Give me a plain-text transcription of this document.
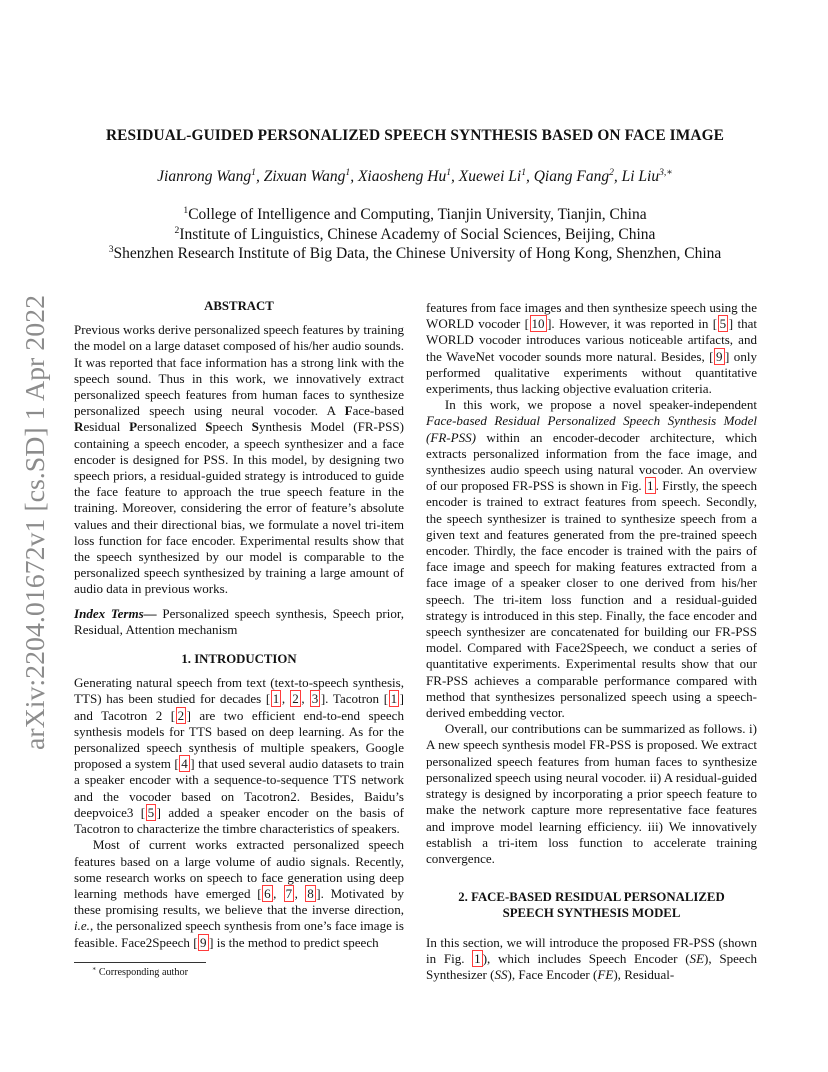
arXiv:2204.01672v1 [cs.SD] 1 Apr 2022
RESIDUAL-GUIDED PERSONALIZED SPEECH SYNTHESIS BASED ON FACE IMAGE
Jianrong Wang$^1$, Zixuan Wang$^1$, Xiaosheng Hu$^1$, Xuewei Li$^1$, Qiang Fang$^2$, Li Liu$^{3,∗}$
$^1$College of Intelligence and Computing, Tianjin University, Tianjin, China
$^2$Institute of Linguistics, Chinese Academy of Social Sciences, Beijing, China
$^3$Shenzhen Research Institute of Big Data, the Chinese University of Hong Kong, Shenzhen, China
ABSTRACT

Previous works derive personalized speech features by training the model on a large dataset composed of his/her audio sounds. It was reported that face information has a strong link with the speech sound. Thus in this work, we innovatively extract personalized speech features from human faces to synthesize personalized speech using neural vocoder. A Face-based Residual Personalized Speech Synthesis Model (FR-PSS) containing a speech encoder, a speech synthesizer and a face encoder is designed for PSS. In this model, by designing two speech priors, a residual-guided strategy is introduced to guide the face feature to approach the true speech feature in the training. Moreover, considering the error of feature’s absolute values and their directional bias, we formulate a novel tri-item loss function for face encoder. Experimental results show that the speech synthesized by our model is comparable to the personalized speech synthesized by training a large amount of audio data in previous works.

Index Terms— Personalized speech synthesis, Speech prior, Residual, Attention mechanism

1. INTRODUCTION

Generating natural speech from text (text-to-speech synthesis, TTS) has been studied for decades [ 1 , 2 , 3 ]. Tacotron [ 1 ] and Tacotron 2 [ 2 ] are two efficient end-to-end speech synthesis models for TTS based on deep learning. As for the personalized speech synthesis of multiple speakers, Google proposed a system [ 4 ] that used several audio datasets to train a speaker encoder with a sequence-to-sequence TTS network and the vocoder based on Tacotron2. Besides, Baidu’s deepvoice3 [ 5 ] added a speaker encoder on the basis of Tacotron to characterize the timbre characteristics of speakers.

Most of current works extracted personalized speech features based on a large volume of audio signals. Recently, some research works on speech to face generation using deep learning methods have emerged [ 6 , 7 , 8 ]. Motivated by these promising results, we believe that the inverse direction, i.e., the personalized speech synthesis from one’s face image is feasible. Face2Speech [ 9 ] is the method to predict speech

features from face images and then synthesize speech using the WORLD vocoder [ 10 ]. However, it was reported in [ 5 ] that WORLD vocoder introduces various noticeable artifacts, and the WaveNet vocoder sounds more natural. Besides, [ 9 ] only performed qualitative experiments without quantitative experiments, thus lacking objective evaluation criteria.

In this work, we propose a novel speaker-independent Face-based Residual Personalized Speech Synthesis Model (FR-PSS) within an encoder-decoder architecture, which extracts personalized information from the face image, and synthesizes audio speech using natural vocoder. An overview of our proposed FR-PSS is shown in Fig. 1 . Firstly, the speech encoder is trained to extract features from speech. Secondly, the speech synthesizer is trained to synthesize speech from a given text and features generated from the pre-trained speech encoder. Thirdly, the face encoder is trained with the pairs of face image and speech for making features extracted from a face image of a speaker closer to one derived from his/her speech. The tri-item loss function and a residual-guided strategy is introduced in this step. Finally, the face encoder and speech synthesizer are concatenated for building our FR-PSS model. Compared with Face2Speech, we conduct a series of quantitative experiments. Experimental results show that our FR-PSS achieves a comparable performance compared with method that synthesizes personalized speech using a speech-derived embedding vector.

Overall, our contributions can be summarized as follows. i) A new speech synthesis model FR-PSS is proposed. We extract personalized speech features from human faces to synthesize personalized speech using neural vocoder. ii) A residual-guided strategy is designed by incorporating a prior speech feature to make the network capture more representative face features and improve model learning efficiency. iii) We innovatively establish a tri-item loss function to accelerate training convergence.

2. FACE-BASED RESIDUAL PERSONALIZED
SPEECH SYNTHESIS MODEL

In this section, we will introduce the proposed FR-PSS (shown in Fig. 1 ), which includes Speech Encoder (SE), Speech Synthesizer (SS), Face Encoder (FE), Residual-

∗ Corresponding author
